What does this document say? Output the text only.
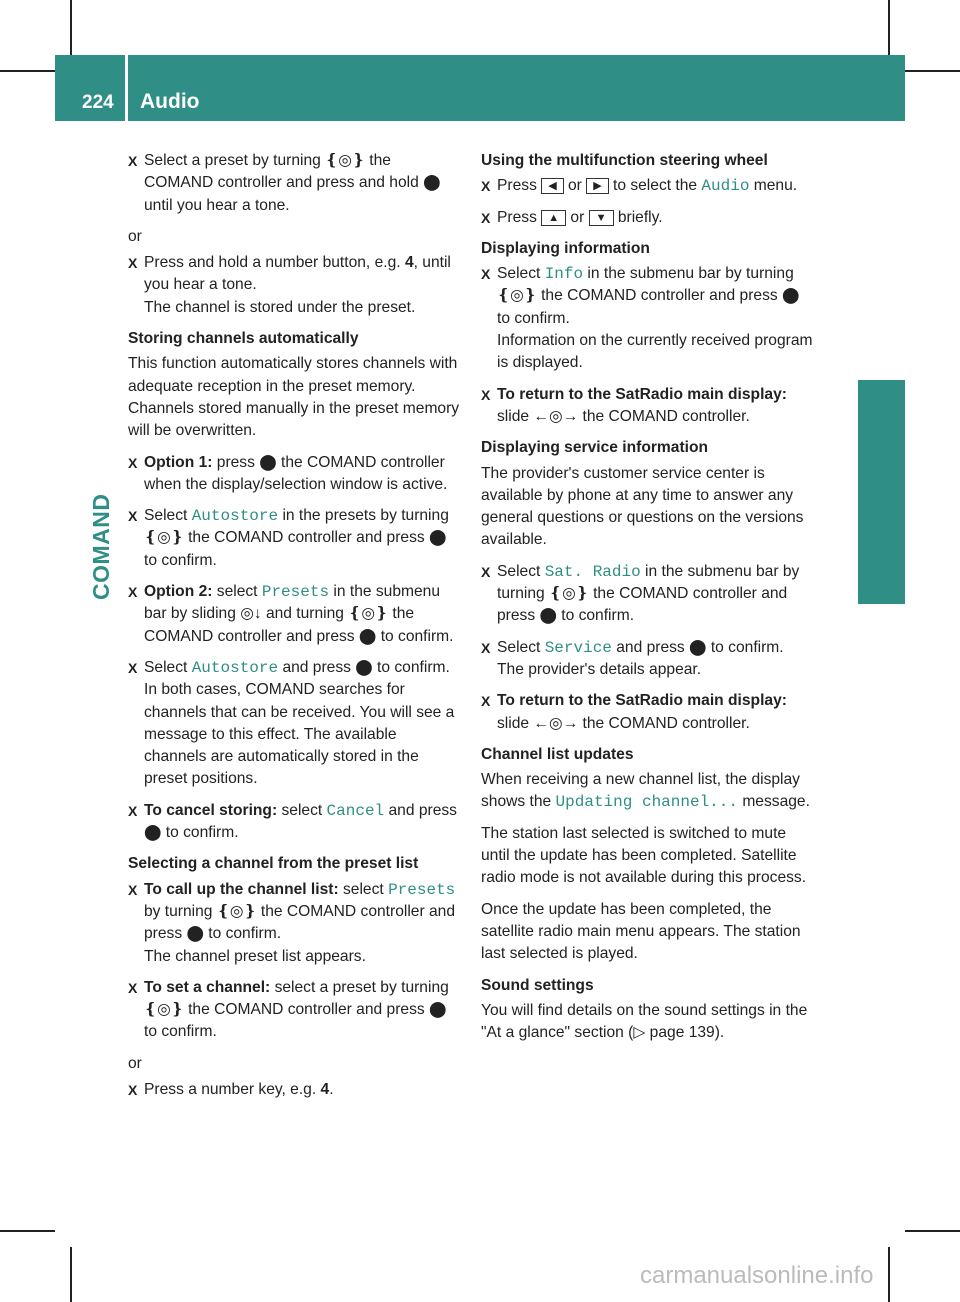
224 Audio
COMAND
X Select a preset by turning ❴◎❵ the COMAND controller and press and hold ⬤ until you hear a tone.

or

X Press and hold a number button, e.g. 4, until you hear a tone.
The channel is stored under the preset.

Storing channels automatically

This function automatically stores channels with adequate reception in the preset memory. Channels stored manually in the preset memory will be overwritten.

X Option 1: press ⬤ the COMAND controller when the display/selection window is active.
X Select Autostore in the presets by turning ❴◎❵ the COMAND controller and press ⬤ to confirm.
X Option 2: select Presets in the submenu bar by sliding ◎↓ and turning ❴◎❵ the COMAND controller and press ⬤ to confirm.
X Select Autostore and press ⬤ to confirm.
In both cases, COMAND searches for channels that can be received. You will see a message to this effect. The available channels are automatically stored in the preset positions.
X To cancel storing: select Cancel and press ⬤ to confirm.

Selecting a channel from the preset list

X To call up the channel list: select Presets by turning ❴◎❵ the COMAND controller and press ⬤ to confirm.
The channel preset list appears.
X To set a channel: select a preset by turning ❴◎❵ the COMAND controller and press ⬤ to confirm.

or

X Press a number key, e.g. 4.

Using the multifunction steering wheel

X Press ◀ or ▶ to select the Audio menu.
X Press ▲ or ▼ briefly.

Displaying information

X Select Info in the submenu bar by turning ❴◎❵ the COMAND controller and press ⬤ to confirm.
Information on the currently received program is displayed.
X To return to the SatRadio main display: slide ←◎→ the COMAND controller.

Displaying service information

The provider's customer service center is available by phone at any time to answer any general questions or questions on the versions available.

X Select Sat. Radio in the submenu bar by turning ❴◎❵ the COMAND controller and press ⬤ to confirm.
X Select Service and press ⬤ to confirm.
The provider's details appear.
X To return to the SatRadio main display: slide ←◎→ the COMAND controller.

Channel list updates

When receiving a new channel list, the display shows the Updating channel... message.

The station last selected is switched to mute until the update has been completed. Satellite radio mode is not available during this process.

Once the update has been completed, the satellite radio main menu appears. The station last selected is played.

Sound settings

You will find details on the sound settings in the "At a glance" section (▷ page 139).

carmanualsonline.info
